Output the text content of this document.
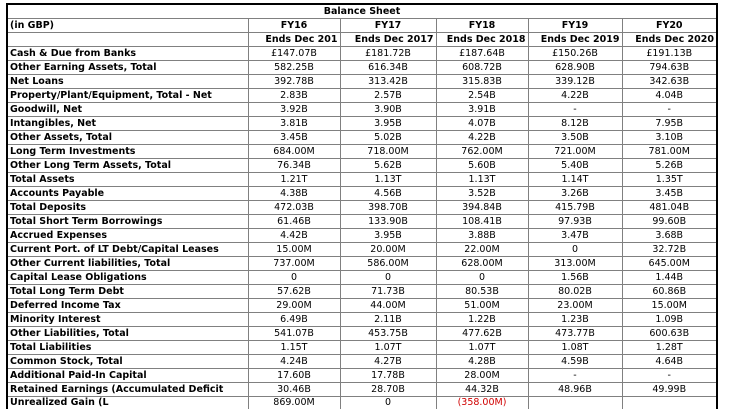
Balance Sheet					
(in GBP)	FY16	FY17	FY18	FY19	FY20
	Ends Dec 201	Ends Dec 2017	Ends Dec 2018	Ends Dec 2019	Ends Dec 2020
Cash & Due from Banks	£147.07B	£181.72B	£187.64B	£150.26B	£191.13B
Other Earning Assets, Total	582.25B	616.34B	608.72B	628.90B	794.63B
Net Loans	392.78B	313.42B	315.83B	339.12B	342.63B
Property/Plant/Equipment, Total - Net	2.83B	2.57B	2.54B	4.22B	4.04B
Goodwill, Net	3.92B	3.90B	3.91B	-	-
Intangibles, Net	3.81B	3.95B	4.07B	8.12B	7.95B
Other Assets, Total	3.45B	5.02B	4.22B	3.50B	3.10B
Long Term Investments	684.00M	718.00M	762.00M	721.00M	781.00M
Other Long Term Assets, Total	76.34B	5.62B	5.60B	5.40B	5.26B
Total Assets	1.21T	1.13T	1.13T	1.14T	1.35T
Accounts Payable	4.38B	4.56B	3.52B	3.26B	3.45B
Total Deposits	472.03B	398.70B	394.84B	415.79B	481.04B
Total Short Term Borrowings	61.46B	133.90B	108.41B	97.93B	99.60B
Accrued Expenses	4.42B	3.95B	3.88B	3.47B	3.68B
Current Port. of LT Debt/Capital Leases	15.00M	20.00M	22.00M	0	32.72B
Other Current liabilities, Total	737.00M	586.00M	628.00M	313.00M	645.00M
Capital Lease Obligations	0	0	0	1.56B	1.44B
Total Long Term Debt	57.62B	71.73B	80.53B	80.02B	60.86B
Deferred Income Tax	29.00M	44.00M	51.00M	23.00M	15.00M
Minority Interest	6.49B	2.11B	1.22B	1.23B	1.09B
Other Liabilities, Total	541.07B	453.75B	477.62B	473.77B	600.63B
Total Liabilities	1.15T	1.07T	1.07T	1.08T	1.28T
Common Stock, Total	4.24B	4.27B	4.28B	4.59B	4.64B
Additional Paid-In Capital	17.60B	17.78B	28.00M	-	-
Retained Earnings (Accumulated Deficit	30.46B	28.70B	44.32B	48.96B	49.99B
Unrealized Gain (L	869.00M	0	(358.00M)		
